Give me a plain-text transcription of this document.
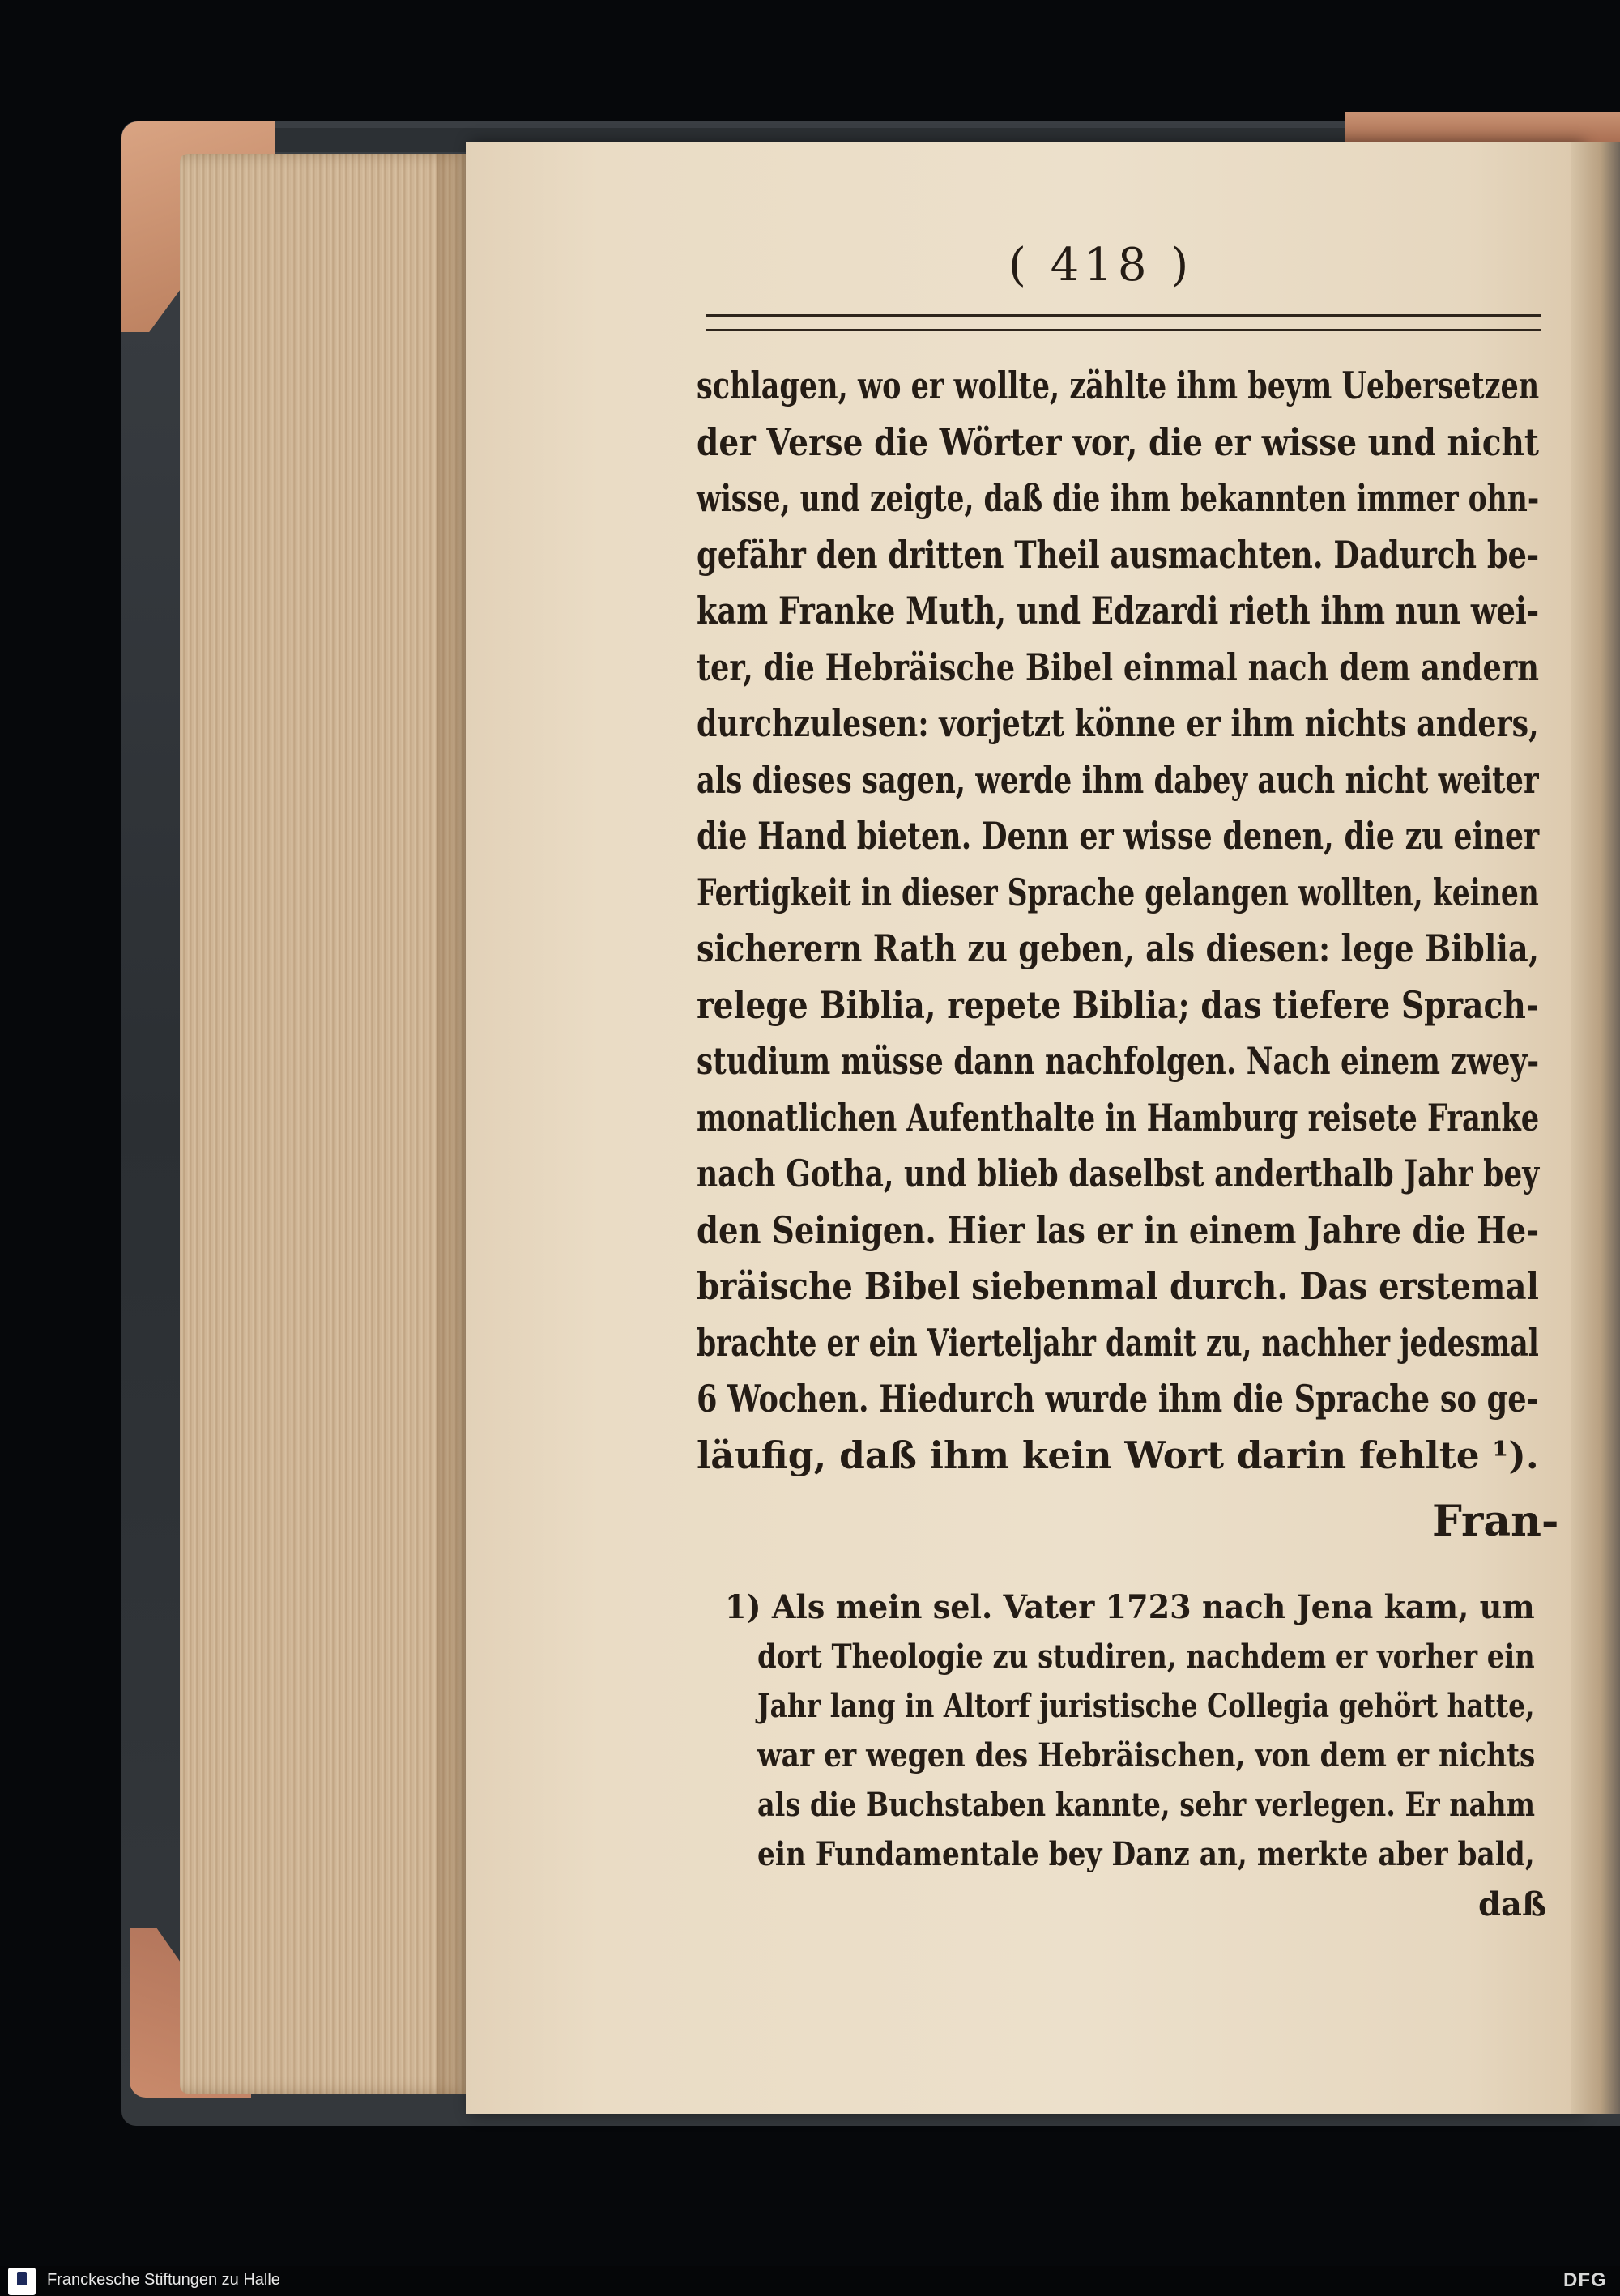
( 418 )
schlagen, wo er wollte, zählte ihm beym Uebersetzen
der Verse die Wörter vor, die er wisse und nicht
wisse, und zeigte, daß die ihm bekannten immer ohn-
gefähr den dritten Theil ausmachten. Dadurch be-
kam Franke Muth, und Edzardi rieth ihm nun wei-
ter, die Hebräische Bibel einmal nach dem andern
durchzulesen: vorjetzt könne er ihm nichts anders,
als dieses sagen, werde ihm dabey auch nicht weiter
die Hand bieten. Denn er wisse denen, die zu einer
Fertigkeit in dieser Sprache gelangen wollten, keinen
sicherern Rath zu geben, als diesen: lege Biblia,
relege Biblia, repete Biblia; das tiefere Sprach-
studium müsse dann nachfolgen. Nach einem zwey-
monatlichen Aufenthalte in Hamburg reisete Franke
nach Gotha, und blieb daselbst anderthalb Jahr bey
den Seinigen. Hier las er in einem Jahre die He-
bräische Bibel siebenmal durch. Das erstemal
brachte er ein Vierteljahr damit zu, nachher jedesmal
6 Wochen. Hiedurch wurde ihm die Sprache so ge-
läufig, daß ihm kein Wort darin fehlte ¹).
Fran-
1) Als mein sel. Vater 1723 nach Jena kam, um
dort Theologie zu studiren, nachdem er vorher ein
Jahr lang in Altorf juristische Collegia gehört hatte,
war er wegen des Hebräischen, von dem er nichts
als die Buchstaben kannte, sehr verlegen. Er nahm
ein Fundamentale bey Danz an, merkte aber bald,
daß
Franckesche Stiftungen zu Halle	DFG
